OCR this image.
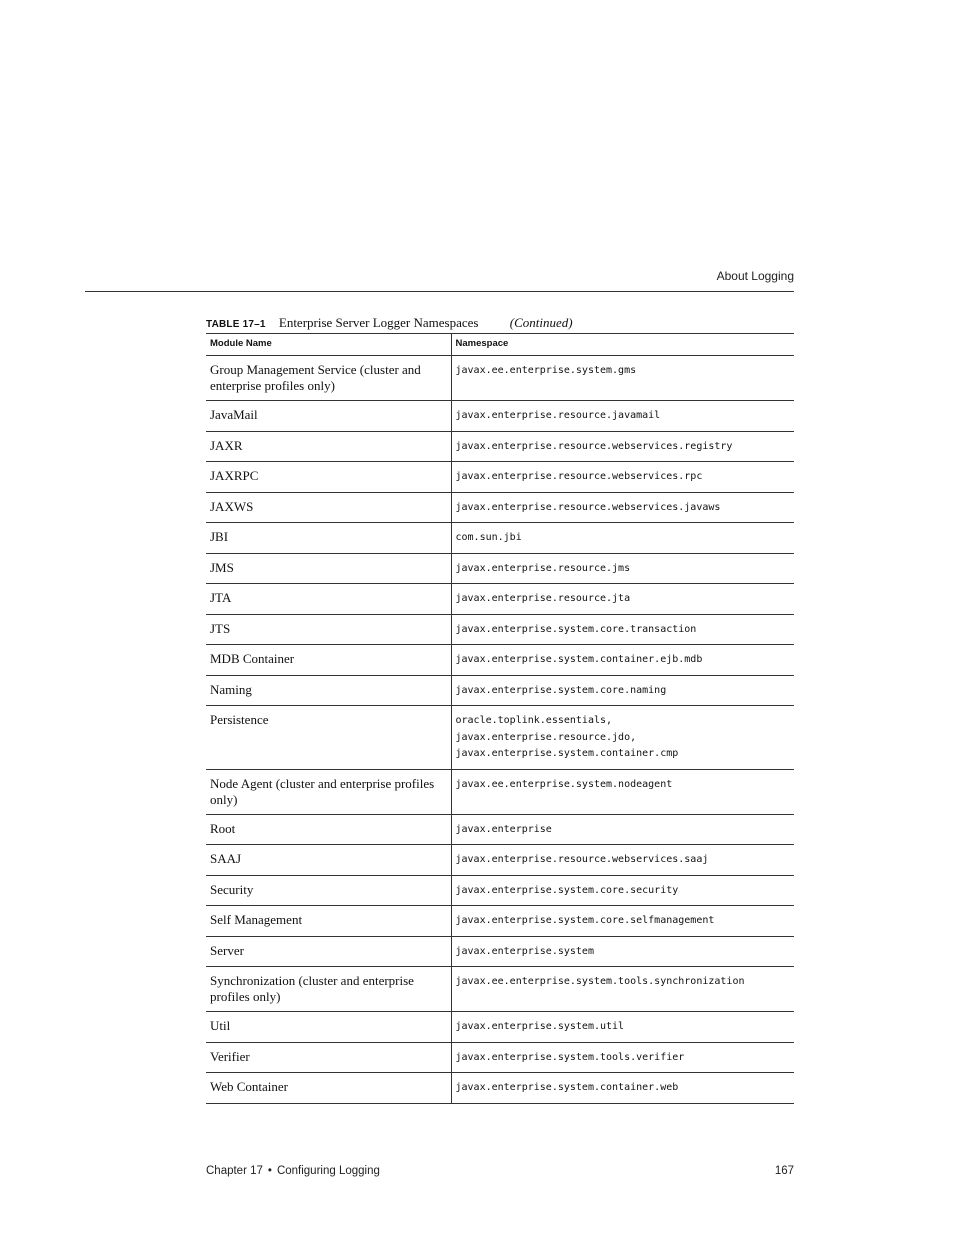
About Logging
TABLE 17–1 Enterprise Server Logger Namespaces (Continued)
Module Name	Namespace
Group Management Service (cluster and enterprise profiles only)	javax.ee.enterprise.system.gms

JavaMail	javax.enterprise.resource.javamail

JAXR	javax.enterprise.resource.webservices.registry

JAXRPC	javax.enterprise.resource.webservices.rpc

JAXWS	javax.enterprise.resource.webservices.javaws

JBI	com.sun.jbi

JMS	javax.enterprise.resource.jms

JTA	javax.enterprise.resource.jta

JTS	javax.enterprise.system.core.transaction

MDB Container	javax.enterprise.system.container.ejb.mdb

Naming	javax.enterprise.system.core.naming

Persistence	oracle.toplink.essentials,
javax.enterprise.resource.jdo,
javax.enterprise.system.container.cmp

Node Agent (cluster and enterprise profiles only)	javax.ee.enterprise.system.nodeagent

Root	javax.enterprise

SAAJ	javax.enterprise.resource.webservices.saaj

Security	javax.enterprise.system.core.security

Self Management	javax.enterprise.system.core.selfmanagement

Server	javax.enterprise.system

Synchronization (cluster and enterprise profiles only)	javax.ee.enterprise.system.tools.synchronization

Util	javax.enterprise.system.util

Verifier	javax.enterprise.system.tools.verifier

Web Container	javax.enterprise.system.container.web
Chapter 17 • Configuring Logging	167
